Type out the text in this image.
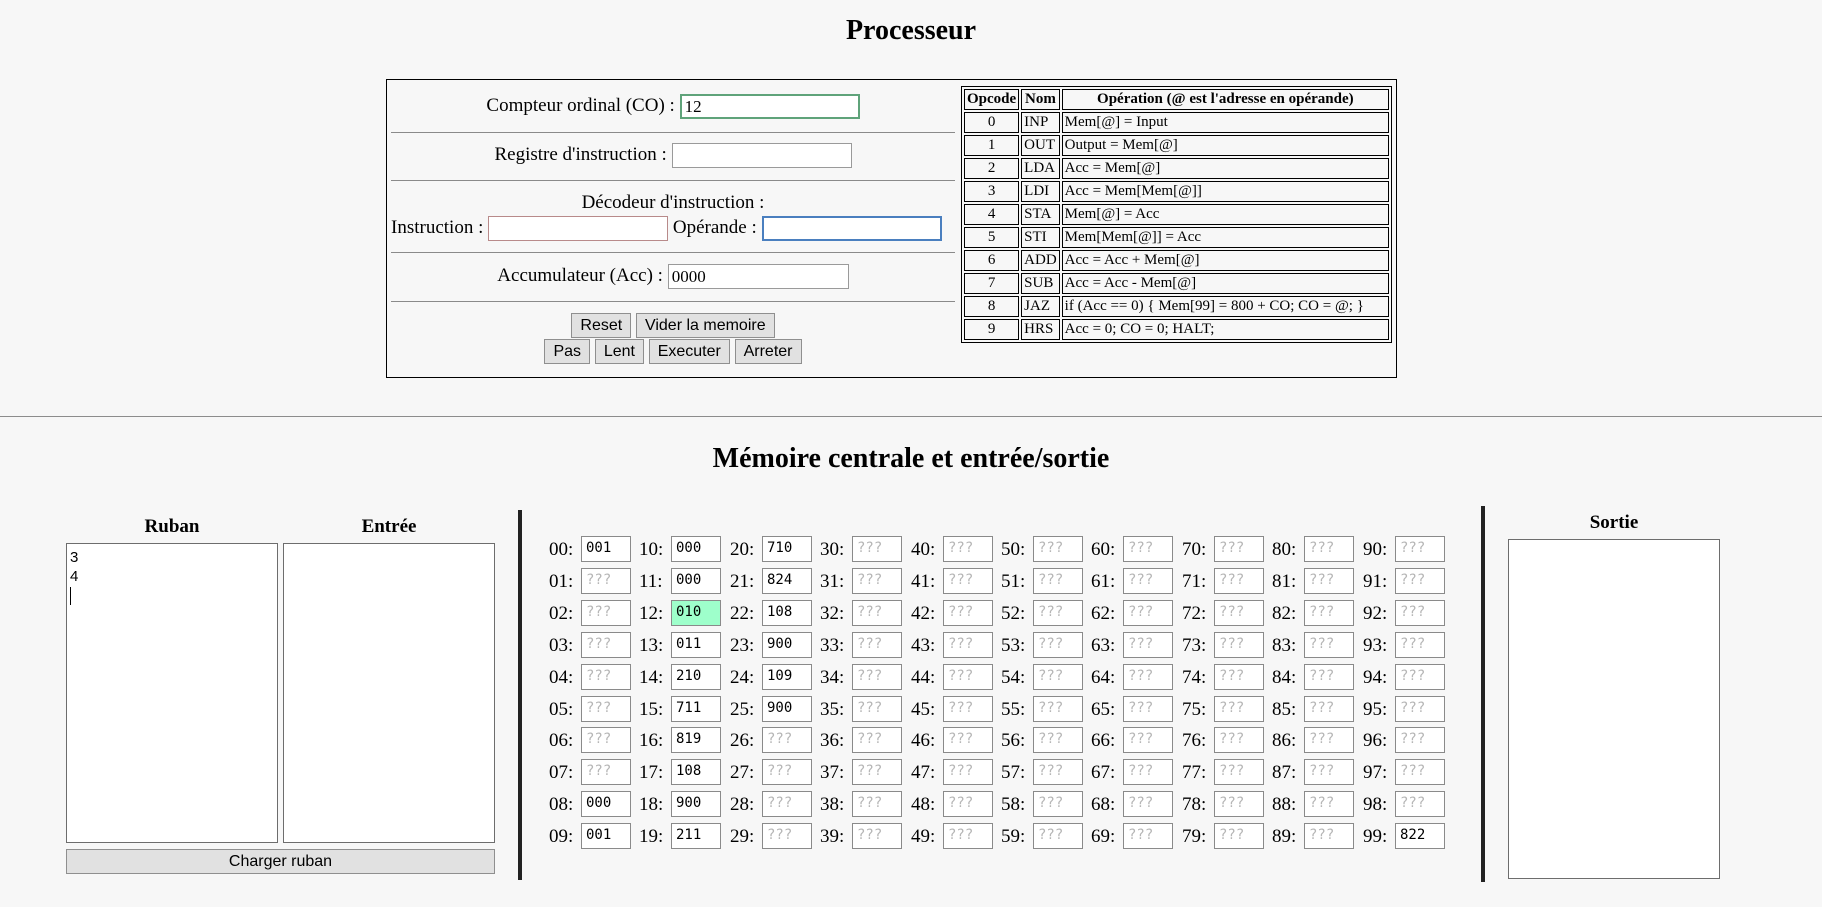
Processeur
Compteur ordinal (CO) : 12
Registre d'instruction :
Décodeur d'instruction :
Instruction :	Opérande :
Accumulateur (Acc) : 0000
Reset Vider la memoire
Pas Lent Executer Arreter
Opcode	Nom	Opération (@ est l'adresse en opérande)
0	INP	Mem[@] = Input
1	OUT	Output = Mem[@]
2	LDA	Acc = Mem[@]
3	LDI	Acc = Mem[Mem[@]]
4	STA	Mem[@] = Acc
5	STI	Mem[Mem[@]] = Acc
6	ADD	Acc = Acc + Mem[@]
7	SUB	Acc = Acc - Mem[@]
8	JAZ	if (Acc == 0) { Mem[99] = 800 + CO; CO = @; }
9	HRS	Acc = 0; CO = 0; HALT;
Mémoire centrale et entrée/sortie
Ruban	Entrée
3
4

Charger ruban
00: 001
01: ???
02: ???
03: ???
04: ???
05: ???
06: ???
07: ???
08: 000
09: 001
10: 000
11: 000
12: 010
13: 011
14: 210
15: 711
16: 819
17: 108
18: 900
19: 211
20: 710
21: 824
22: 108
23: 900
24: 109
25: 900
26: ???
27: ???
28: ???
29: ???
30: ???
31: ???
32: ???
33: ???
34: ???
35: ???
36: ???
37: ???
38: ???
39: ???
40: ???
41: ???
42: ???
43: ???
44: ???
45: ???
46: ???
47: ???
48: ???
49: ???
50: ???
51: ???
52: ???
53: ???
54: ???
55: ???
56: ???
57: ???
58: ???
59: ???
60: ???
61: ???
62: ???
63: ???
64: ???
65: ???
66: ???
67: ???
68: ???
69: ???
70: ???
71: ???
72: ???
73: ???
74: ???
75: ???
76: ???
77: ???
78: ???
79: ???
80: ???
81: ???
82: ???
83: ???
84: ???
85: ???
86: ???
87: ???
88: ???
89: ???
90: ???
91: ???
92: ???
93: ???
94: ???
95: ???
96: ???
97: ???
98: ???
99: 822
Sortie
